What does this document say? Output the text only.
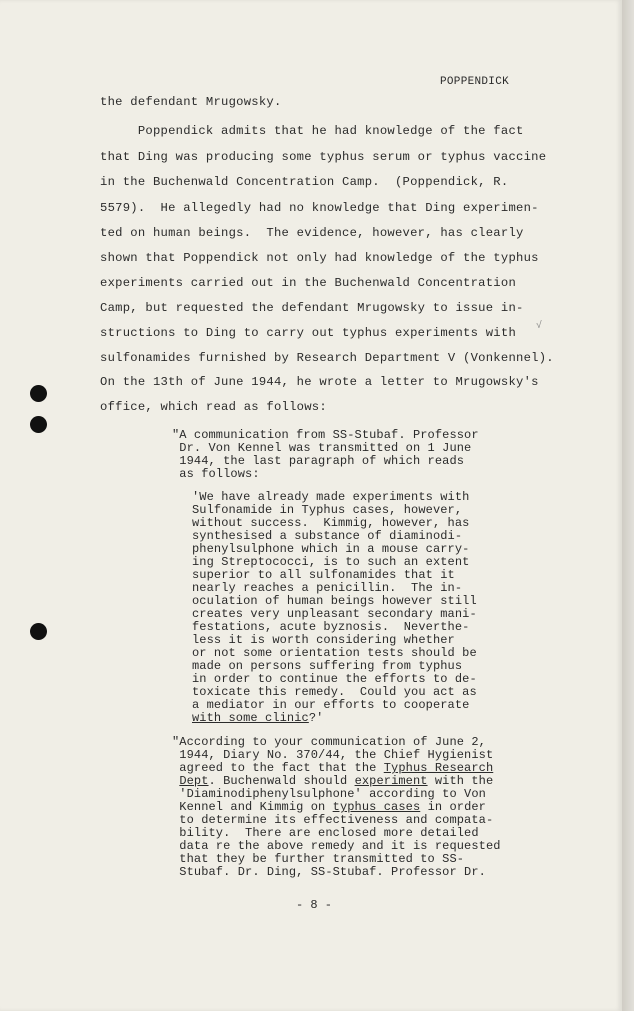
POPPENDICK

the defendant Mrugowsky.

Poppendick admits that he had knowledge of the fact

that Ding was producing some typhus serum or typhus vaccine

in the Buchenwald Concentration Camp.  (Poppendick, R.

5579).  He allegedly had no knowledge that Ding experimen-

ted on human beings.  The evidence, however, has clearly

shown that Poppendick not only had knowledge of the typhus

experiments carried out in the Buchenwald Concentration

Camp, but requested the defendant Mrugowsky to issue in-

structions to Ding to carry out typhus experiments with

sulfonamides furnished by Research Department V (Vonkennel).

On the 13th of June 1944, he wrote a letter to Mrugowsky's

office, which read as follows:

√

"A communication from SS-Stubaf. Professor

Dr. Von Kennel was transmitted on 1 June

1944, the last paragraph of which reads

as follows:

'We have already made experiments with

Sulfonamide in Typhus cases, however,

without success.  Kimmig, however, has

synthesised a substance of diaminodi-

phenylsulphone which in a mouse carry-

ing Streptococci, is to such an extent

superior to all sulfonamides that it

nearly reaches a penicillin.  The in-

oculation of human beings however still

creates very unpleasant secondary mani-

festations, acute byznosis.  Neverthe-

less it is worth considering whether

or not some orientation tests should be

made on persons suffering from typhus

in order to continue the efforts to de-

toxicate this remedy.  Could you act as

a mediator in our efforts to cooperate

with some clinic?'

"According to your communication of June 2,

1944, Diary No. 370/44, the Chief Hygienist

agreed to the fact that the Typhus Research

Dept. Buchenwald should experiment with the

'Diaminodiphenylsulphone' according to Von

Kennel and Kimmig on typhus cases in order

to determine its effectiveness and compata-

bility.  There are enclosed more detailed

data re the above remedy and it is requested

that they be further transmitted to SS-

Stubaf. Dr. Ding, SS-Stubaf. Professor Dr.

- 8 -
